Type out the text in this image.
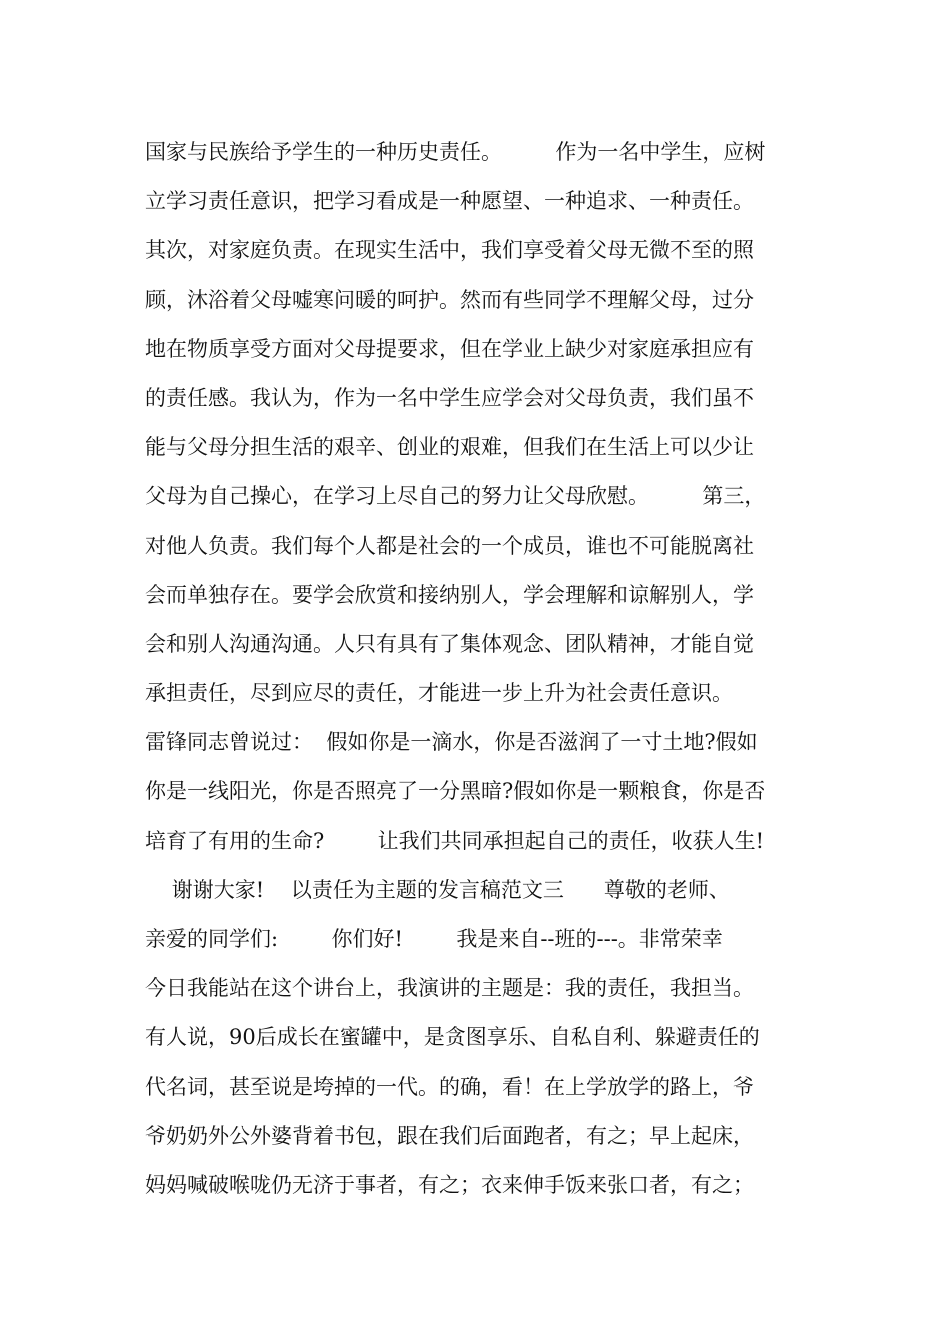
国家与民族给予学生的一种历史责任。        作为一名中学生，应树
立学习责任意识，把学习看成是一种愿望、一种追求、一种责任。
其次，对家庭负责。在现实生活中，我们享受着父母无微不至的照
顾，沐浴着父母嘘寒问暖的呵护。然而有些同学不理解父母，过分
地在物质享受方面对父母提要求，但在学业上缺少对家庭承担应有
的责任感。我认为，作为一名中学生应学会对父母负责，我们虽不
能与父母分担生活的艰辛、创业的艰难，但我们在生活上可以少让
父母为自己操心，在学习上尽自己的努力让父母欣慰。        第三，
对他人负责。我们每个人都是社会的一个成员，谁也不可能脱离社
会而单独存在。要学会欣赏和接纳别人，学会理解和谅解别人，学
会和别人沟通沟通。人只有具有了集体观念、团队精神，才能自觉
承担责任，尽到应尽的责任，才能进一步上升为社会责任意识。
雷锋同志曾说过：  假如你是一滴水，你是否滋润了一寸土地?假如
你是一线阳光，你是否照亮了一分黑暗?假如你是一颗粮食，你是否
培育了有用的生命?        让我们共同承担起自己的责任，收获人生!
谢谢大家!    以责任为主题的发言稿范文三      尊敬的老师、
亲爱的同学们:        你们好!        我是来自--班的---。非常荣幸
今日我能站在这个讲台上，我演讲的主题是：我的责任，我担当。
有人说，90后成长在蜜罐中，是贪图享乐、自私自利、躲避责任的
代名词，甚至说是垮掉的一代。的确，看！在上学放学的路上，爷
爷奶奶外公外婆背着书包，跟在我们后面跑者，有之；早上起床，
妈妈喊破喉咙仍无济于事者，有之；衣来伸手饭来张口者，有之；
